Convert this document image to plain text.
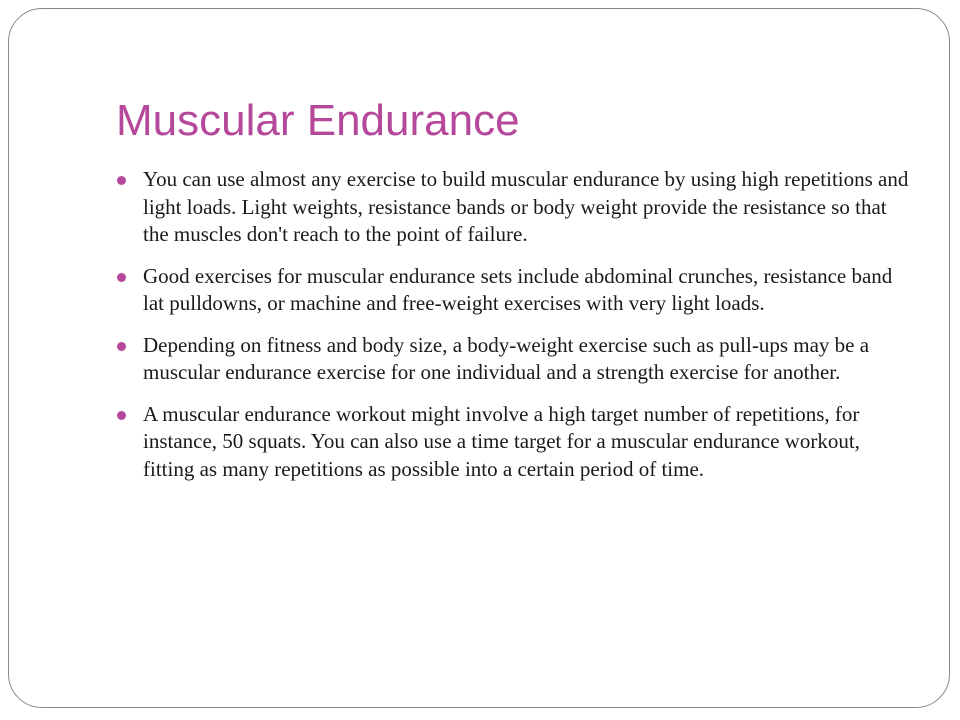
Muscular Endurance
You can use almost any exercise to build muscular endurance by using high repetitions and light loads. Light weights, resistance bands or body weight provide the resistance so that the muscles don't reach to the point of failure.
Good exercises for muscular endurance sets include abdominal crunches, resistance band lat pulldowns, or machine and free-weight exercises with very light loads.
Depending on fitness and body size, a body-weight exercise such as pull-ups may be a muscular endurance exercise for one individual and a strength exercise for another.
A muscular endurance workout might involve a high target number of repetitions, for instance, 50 squats. You can also use a time target for a muscular endurance workout, fitting as many repetitions as possible into a certain period of time.
